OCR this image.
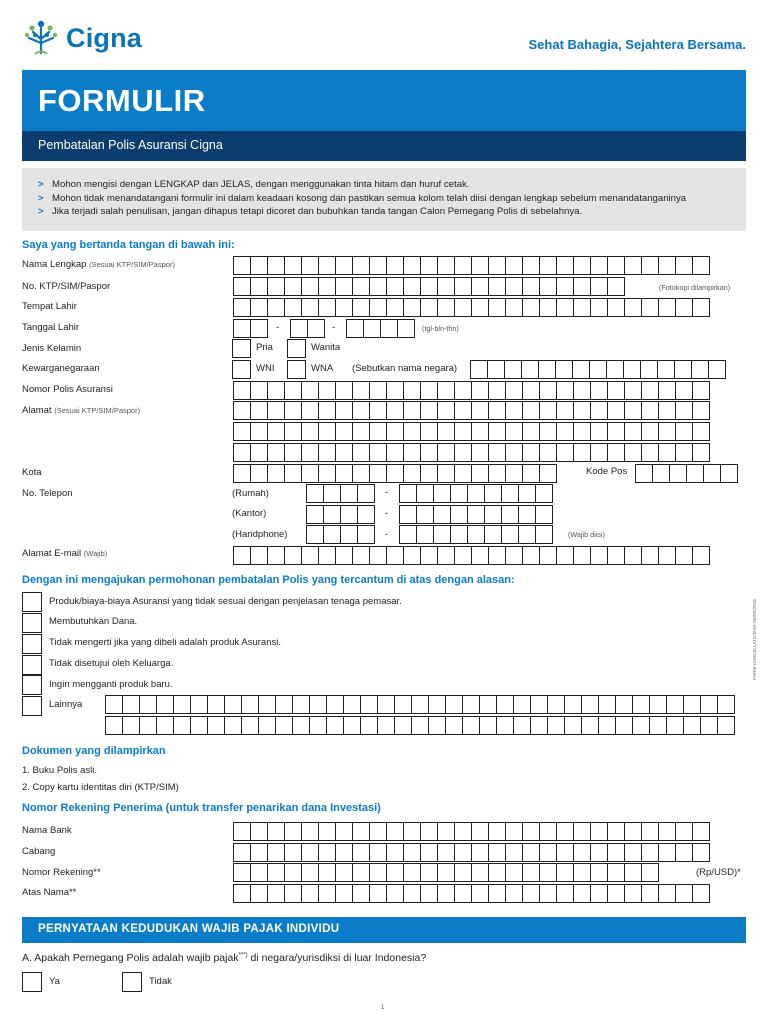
Cigna	Sehat Bahagia, Sejahtera Bersama.
FORMULIR
Pembatalan Polis Asuransi Cigna
> Mohon mengisi dengan LENGKAP dan JELAS, dengan menggunakan tinta hitam dan huruf cetak.
> Mohon tidak menandatangani formulir ini dalam keadaan kosong dan pastikan semua kolom telah diisi dengan lengkap sebelum menandatanganinya
> Jika terjadi salah penulisan, jangan dihapus tetapi dicoret dan bubuhkan tanda tangan Calon Pemegang Polis di sebelahnya.
Saya yang bertanda tangan di bawah ini:
Nama Lengkap (Sesuai KTP/SIM/Paspor)
No. KTP/SIM/Paspor	(Fotokopi dilampirkan)
Tempat Lahir
Tanggal Lahir	-	-	(tgl-bln-thn)
Jenis Kelamin	Pria	Wanita
Kewarganegaraan	WNI	WNA (Sebutkan nama negara)
Nomor Polis Asuransi
Alamat (Sesuai KTP/SIM/Paspor)
Kota	Kode Pos
No. Telepon	(Rumah)	-
(Kantor)	-
(Handphone)	-	(Wajib diisi)
Alamat E-mail (Wajib)
Dengan ini mengajukan permohonan pembatalan Polis yang tercantum di atas dengan alasan:
Produk/biaya-biaya Asuransi yang tidak sesuai dengan penjelasan tenaga pemasar.
Membutuhkan Dana.
Tidak mengerti jika yang dibeli adalah produk Asuransi.
Tidak disetujui oleh Keluarga.
Ingin mengganti produk baru.
Lainnya
Dokumen yang dilampirkan
1. Buku Polis asli.
2. Copy kartu identitas diri (KTP/SIM)
Nomor Rekening Penerima (untuk transfer penarikan dana Investasi)
Nama Bank
Cabang
Nomor Rekening**	(Rp/USD)*
Atas Nama**
PERNYATAAN KEDUDUKAN WAJIB PAJAK INDIVIDU
A. Apakah Pemegang Polis adalah wajib pajak***) di negara/yurisdiksi di luar Indonesia?
Ya	Tidak
1
FORM-CANCELLATION-01-SMTR/2016
